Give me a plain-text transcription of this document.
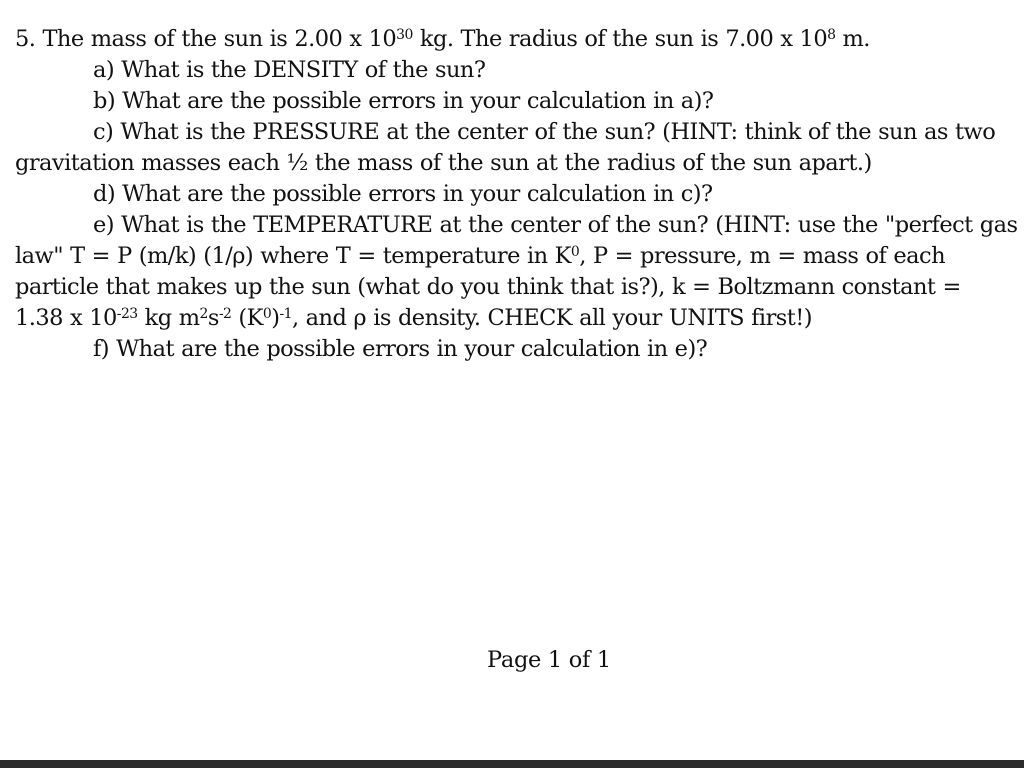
5. The mass of the sun is 2.00 x $10^{30}$ kg. The radius of the sun is 7.00 x $10^8$ m.
a) What is the DENSITY of the sun?
b) What are the possible errors in your calculation in a)?
c) What is the PRESSURE at the center of the sun? (HINT: think of the sun as two
gravitation masses each ½ the mass of the sun at the radius of the sun apart.)
d) What are the possible errors in your calculation in c)?
e) What is the TEMPERATURE at the center of the sun? (HINT: use the "perfect gas
law" T = P (m/k) (1/ρ) where T = temperature in $K^0$, P = pressure, m = mass of each
particle that makes up the sun (what do you think that is?), k = Boltzmann constant =
1.38 x $10^{-23}$ kg $m^2s^{-2}$ $(K^0)^{-1}$, and ρ is density. CHECK all your UNITS first!)
f) What are the possible errors in your calculation in e)?
Page 1 of 1
